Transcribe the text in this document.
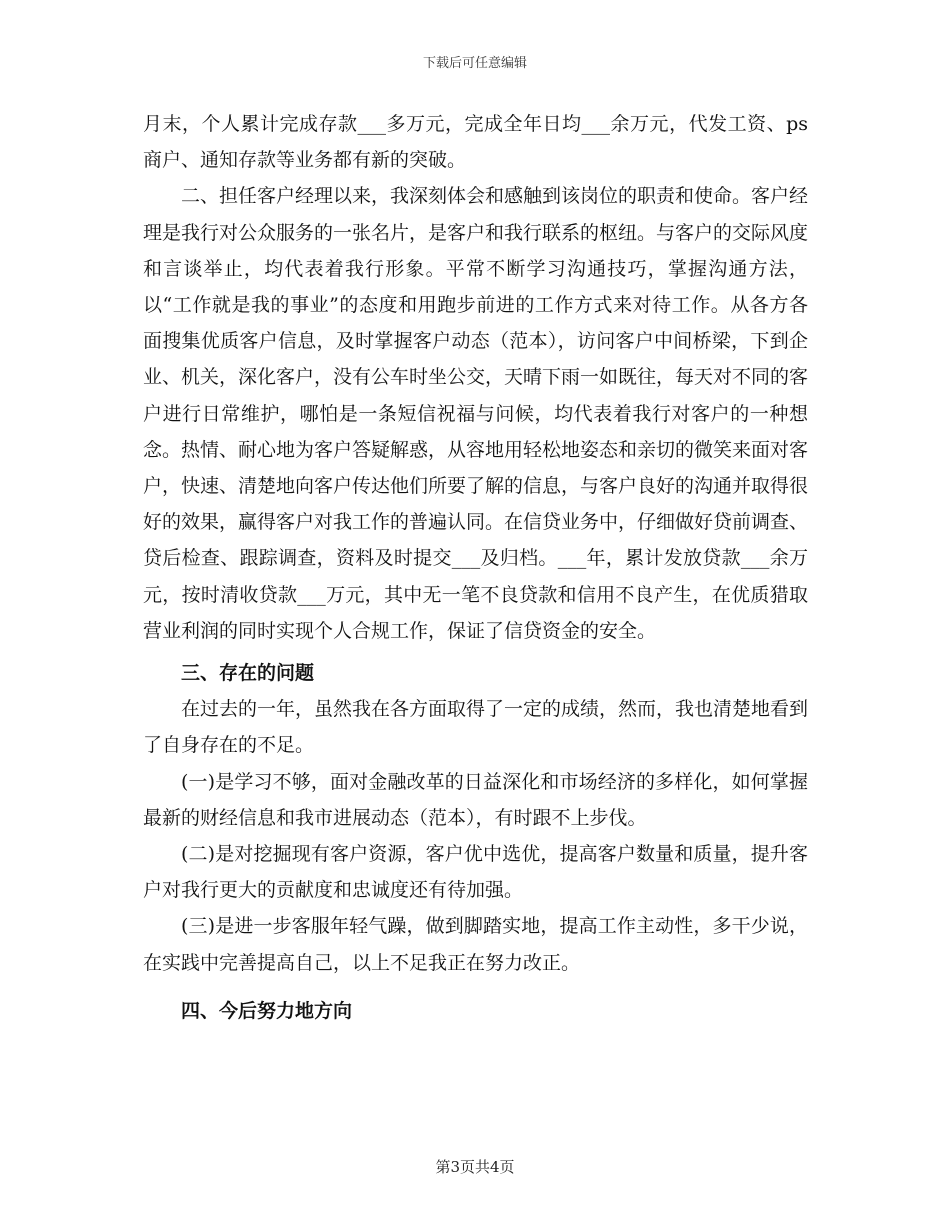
下载后可任意编辑

月末，个人累计完成存款___多万元，完成全年日均___余万元，代发工资、ps商户、通知存款等业务都有新的突破。

二、担任客户经理以来，我深刻体会和感触到该岗位的职责和使命。客户经理是我行对公众服务的一张名片，是客户和我行联系的枢纽。与客户的交际风度和言谈举止，均代表着我行形象。平常不断学习沟通技巧，掌握沟通方法，以“工作就是我的事业”的态度和用跑步前进的工作方式来对待工作。从各方各面搜集优质客户信息，及时掌握客户动态（范本），访问客户中间桥梁，下到企业、机关，深化客户，没有公车时坐公交，天晴下雨一如既往，每天对不同的客户进行日常维护，哪怕是一条短信祝福与问候，均代表着我行对客户的一种想念。热情、耐心地为客户答疑解惑，从容地用轻松地姿态和亲切的微笑来面对客户，快速、清楚地向客户传达他们所要了解的信息，与客户良好的沟通并取得很好的效果，赢得客户对我工作的普遍认同。在信贷业务中，仔细做好贷前调查、贷后检查、跟踪调查，资料及时提交___及归档。___年，累计发放贷款___余万元，按时清收贷款___万元，其中无一笔不良贷款和信用不良产生，在优质猎取营业利润的同时实现个人合规工作，保证了信贷资金的安全。

三、存在的问题

在过去的一年，虽然我在各方面取得了一定的成绩，然而，我也清楚地看到了自身存在的不足。

(一)是学习不够，面对金融改革的日益深化和市场经济的多样化，如何掌握最新的财经信息和我市进展动态（范本），有时跟不上步伐。

(二)是对挖掘现有客户资源，客户优中选优，提高客户数量和质量，提升客户对我行更大的贡献度和忠诚度还有待加强。

(三)是进一步客服年轻气躁，做到脚踏实地，提高工作主动性，多干少说，在实践中完善提高自己，以上不足我正在努力改正。

四、今后努力地方向

第3页共4页
